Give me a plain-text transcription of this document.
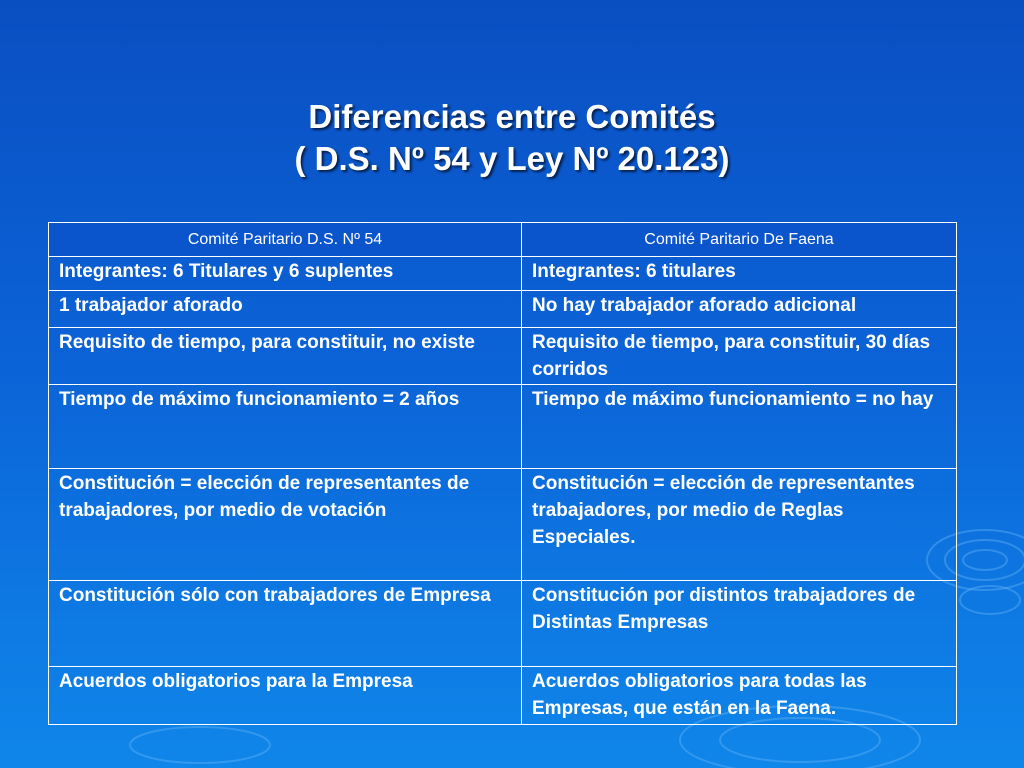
Diferencias entre Comités
( D.S. Nº 54 y Ley Nº 20.123)
Comité Paritario D.S. Nº 54	Comité Paritario De Faena
Integrantes: 6 Titulares y 6 suplentes	Integrantes: 6 titulares
1 trabajador aforado	No hay trabajador aforado adicional
Requisito de tiempo, para constituir, no existe	Requisito de tiempo, para constituir, 30 días corridos
Tiempo de máximo funcionamiento = 2 años	Tiempo de máximo funcionamiento = no hay
Constitución = elección de representantes de trabajadores, por medio de votación	Constitución = elección de representantes trabajadores, por medio de Reglas Especiales.
Constitución sólo con trabajadores de Empresa	Constitución por distintos trabajadores de Distintas Empresas
Acuerdos obligatorios para la Empresa	Acuerdos obligatorios para todas las Empresas, que están en la Faena.
